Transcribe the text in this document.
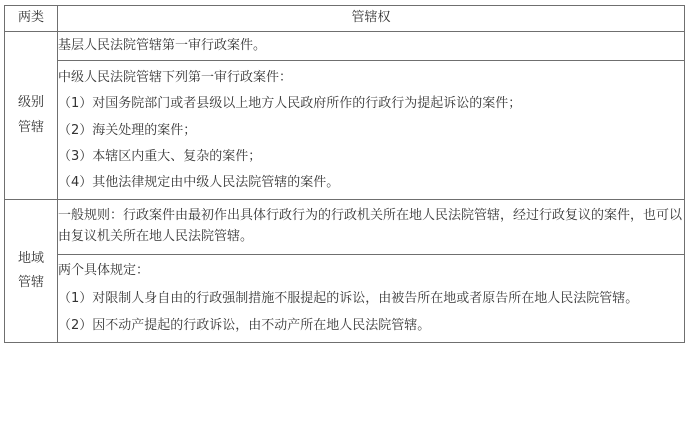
两类	管辖权

级别
管辖	基层人民法院管辖第一审行政案件。

	中级人民法院管辖下列第一审行政案件：
（1）对国务院部门或者县级以上地方人民政府所作的行政行为提起诉讼的案件；
（2）海关处理的案件；
（3）本辖区内重大、复杂的案件；
（4）其他法律规定由中级人民法院管辖的案件。

地域
管辖	一般规则：行政案件由最初作出具体行政行为的行政机关所在地人民法院管辖，经过行政复议的案件，也可以由复议机关所在地人民法院管辖。

	两个具体规定：
（1）对限制人身自由的行政强制措施不服提起的诉讼，由被告所在地或者原告所在地人民法院管辖。
（2）因不动产提起的行政诉讼，由不动产所在地人民法院管辖。
